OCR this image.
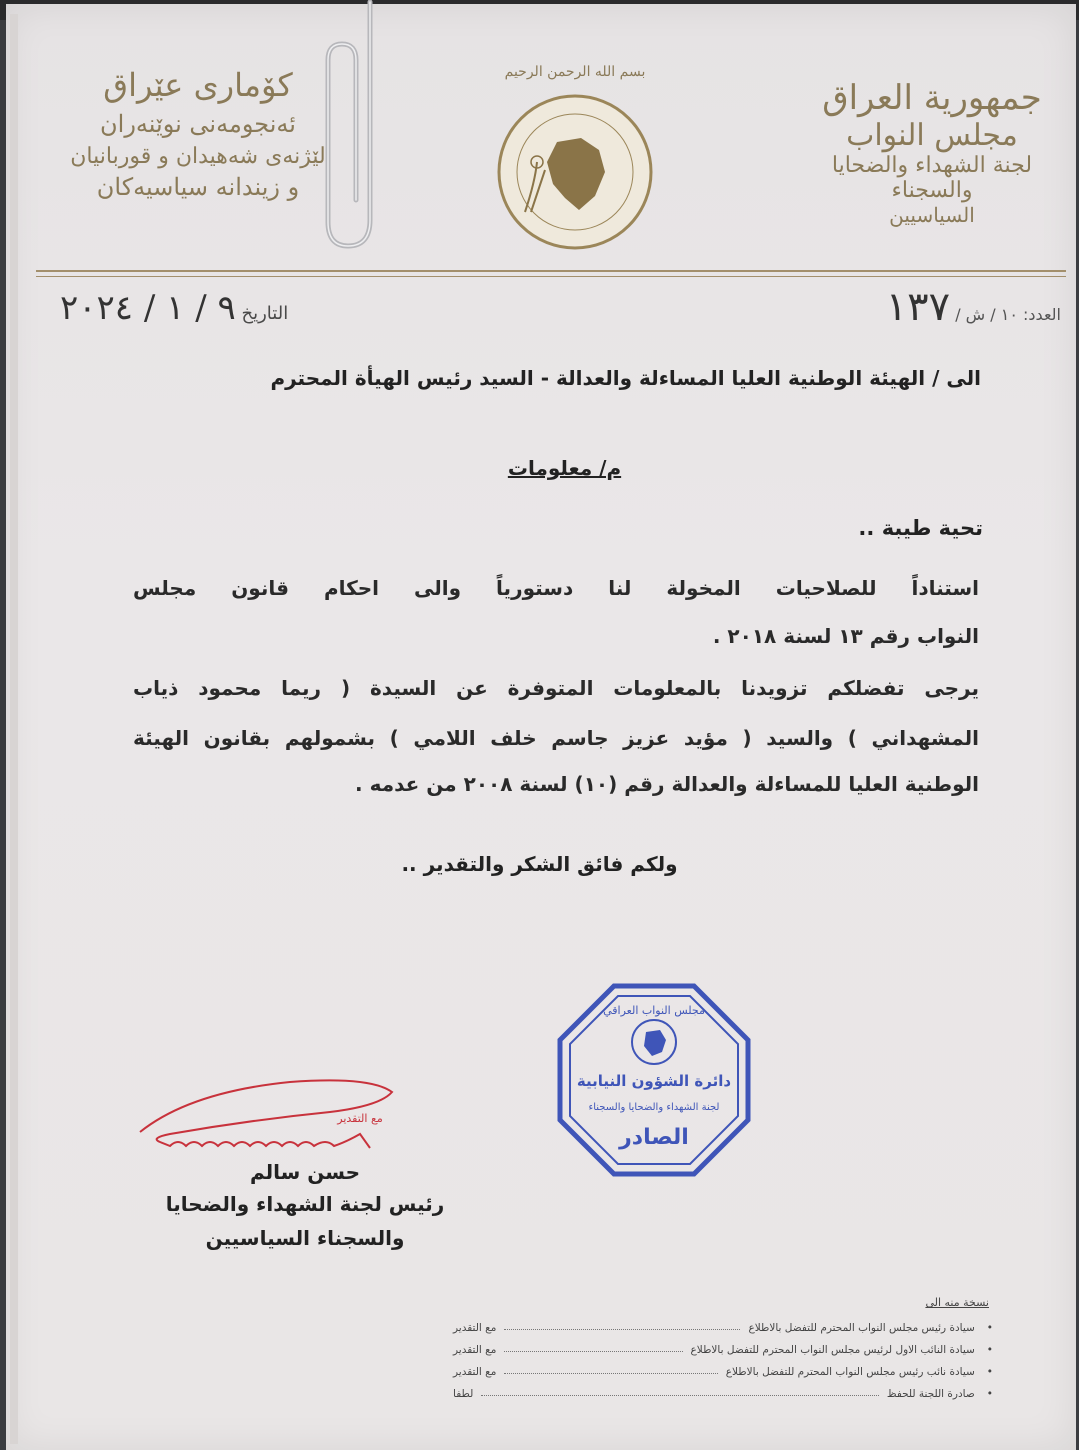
جمهورية العراق
مجلس النواب
لجنة الشهداء والضحايا والسجناء
السياسيين
كۆماری عێراق
ئەنجومەنی نوێنەران
لێژنەی شەهیدان و قوربانیان
و زیندانە سیاسیەکان
بسم الله الرحمن الرحيم
التاريخ ٩ / ١ / ٢٠٢٤	العدد: ١٠ / ش / ١٣٧
الى / الهيئة الوطنية العليا المساءلة والعدالة - السيد رئيس الهيأة المحترم
م/ معلومات
تحية طيبة ..
استناداً للصلاحيات المخولة لنا دستورياً والى احكام قانون مجلس
النواب رقم ١٣ لسنة ٢٠١٨ .
يرجى تفضلكم تزويدنا بالمعلومات المتوفرة عن السيدة ( ريما محمود ذياب
المشهداني ) والسيد ( مؤيد عزيز جاسم خلف اللامي ) بشمولهم بقانون الهيئة
الوطنية العليا للمساءلة والعدالة رقم (١٠) لسنة ٢٠٠٨ من عدمه .
ولكم فائق الشكر والتقدير ..
مجلس النواب العراقي
دائرة الشؤون النيابية
لجنة الشهداء والضحايا والسجناء
الصادر
مع التقدير
حسن سالم
رئيس لجنة الشهداء والضحايا
والسجناء السياسيين
نسخة منه الى
مع التقدير	• سيادة رئيس مجلس النواب المحترم للتفضل بالاطلاع
مع التقدير	• سيادة النائب الاول لرئيس مجلس النواب المحترم للتفضل بالاطلاع
مع التقدير	• سيادة نائب رئيس مجلس النواب المحترم للتفضل بالاطلاع
لطفا	• صادرة اللجنة للحفظ
